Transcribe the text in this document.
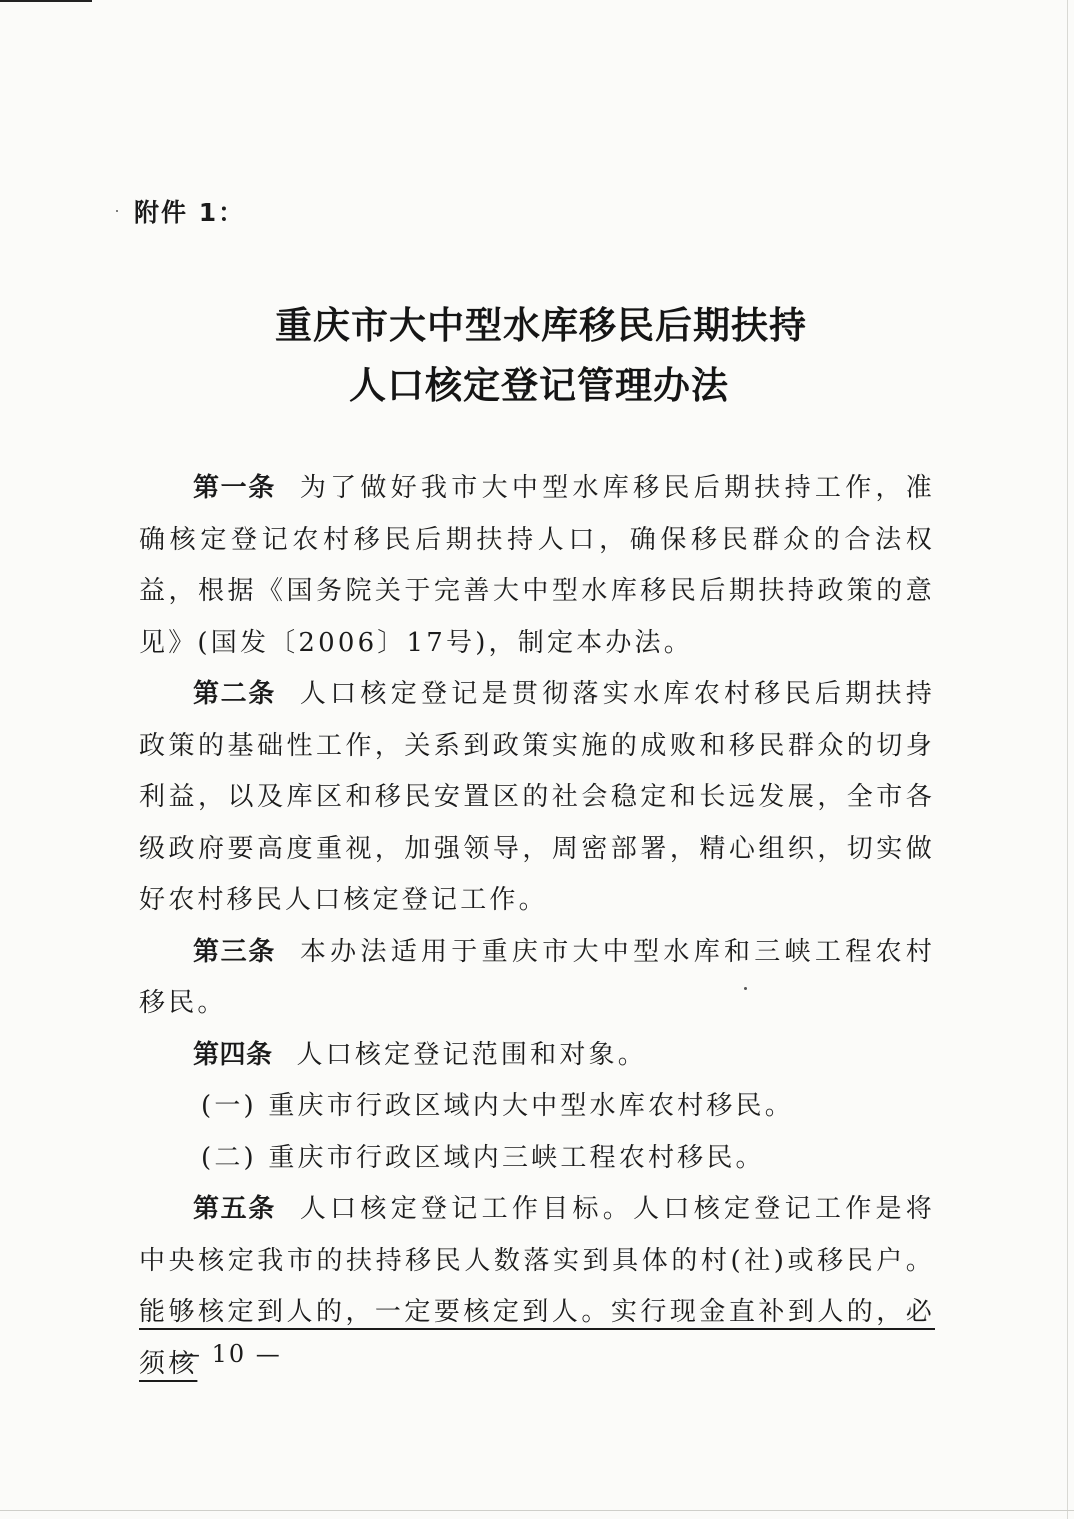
附件 1：
重庆市大中型水库移民后期扶持
人口核定登记管理办法

第一条 为了做好我市大中型水库移民后期扶持工作，准确核定登记农村移民后期扶持人口，确保移民群众的合法权益，根据《国务院关于完善大中型水库移民后期扶持政策的意见》(国发〔2006〕17号)，制定本办法。

第二条 人口核定登记是贯彻落实水库农村移民后期扶持政策的基础性工作，关系到政策实施的成败和移民群众的切身利益，以及库区和移民安置区的社会稳定和长远发展，全市各级政府要高度重视，加强领导，周密部署，精心组织，切实做好农村移民人口核定登记工作。

第三条 本办法适用于重庆市大中型水库和三峡工程农村移民。

第四条 人口核定登记范围和对象。

(一) 重庆市行政区域内大中型水库农村移民。

(二) 重庆市行政区域内三峡工程农村移民。

第五条 人口核定登记工作目标。人口核定登记工作是将中央核定我市的扶持移民人数落实到具体的村(社)或移民户。能够核定到人的，一定要核定到人。实行现金直补到人的，必须核

— 10 —
